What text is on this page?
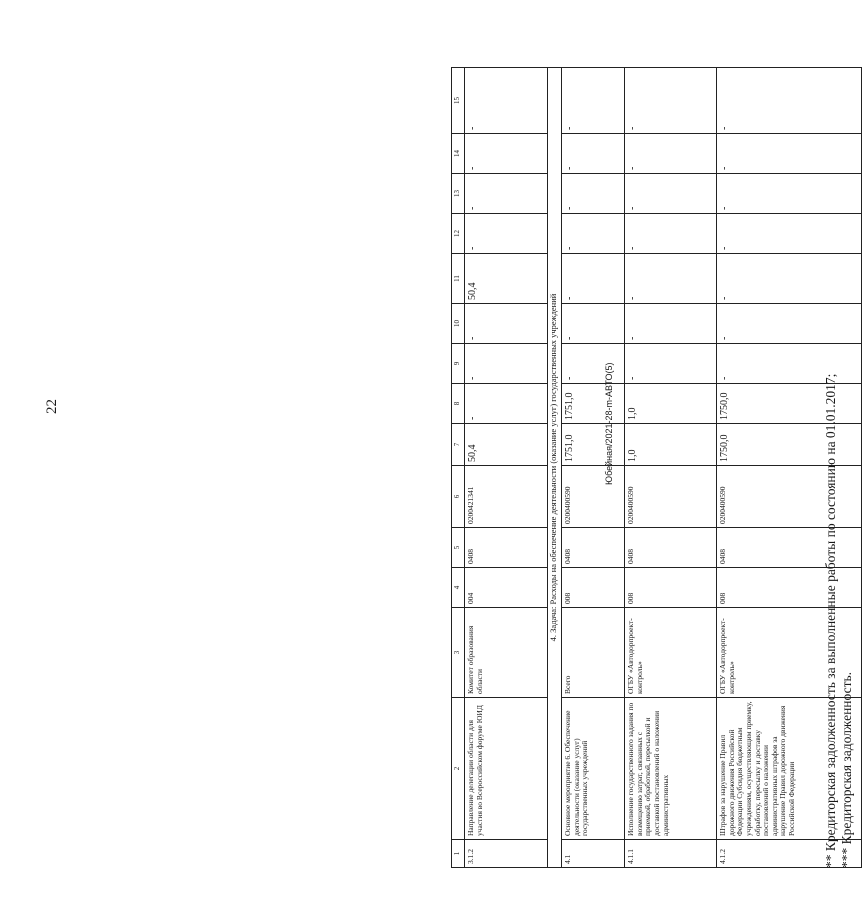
22	Юбейная/2021-28-m-АВТО(5)
1	2	3	4	5	6	7	8	9	10	11	12	13	14	15
3.1.2	Направление делегации области для участия во Всероссийском форуме ЮИД	Комитет образования области	004	0408	0200421341	50,4	-	-	-	50,4	-	-	-	-
4. Задача: Расходы на обеспечение деятельности (оказание услуг) государственных учреждений														
4.1	Основное мероприятие 6. Обеспечение деятельности (оказание услуг) государственных учреждений	Всего	008	0408	0200400590	1751,0	1751,0	-	-	-	-	-	-	-
4.1.1	Исполнение государственного задания по возмещению затрат, связанных с приемкой, обработкой, пересылкой и доставкой постановлений о наложении административных	ОГБУ «Автодорпроект-контроль»	008	0408	0200400590	1,0	1,0	-	-	-	-	-	-	-
4.1.2	Штрафов за нарушение Правил дорожного движения Российской Федерации Субсидия бюджетным учреждениям, осуществляющим приемку, обработку, пересылку и доставку постановлений о наложении административных штрафов за нарушение Правил дорожного движения Российской Федерации	ОГБУ «Автодорпроект-контроль»	008	0408	0200400590	1750,0	1750,0	-	-	-	-	-	-	-
** Кредиторская задолженность за выполненные работы по состоянию на 01.01.2017; *** Кредиторская задолженность.
